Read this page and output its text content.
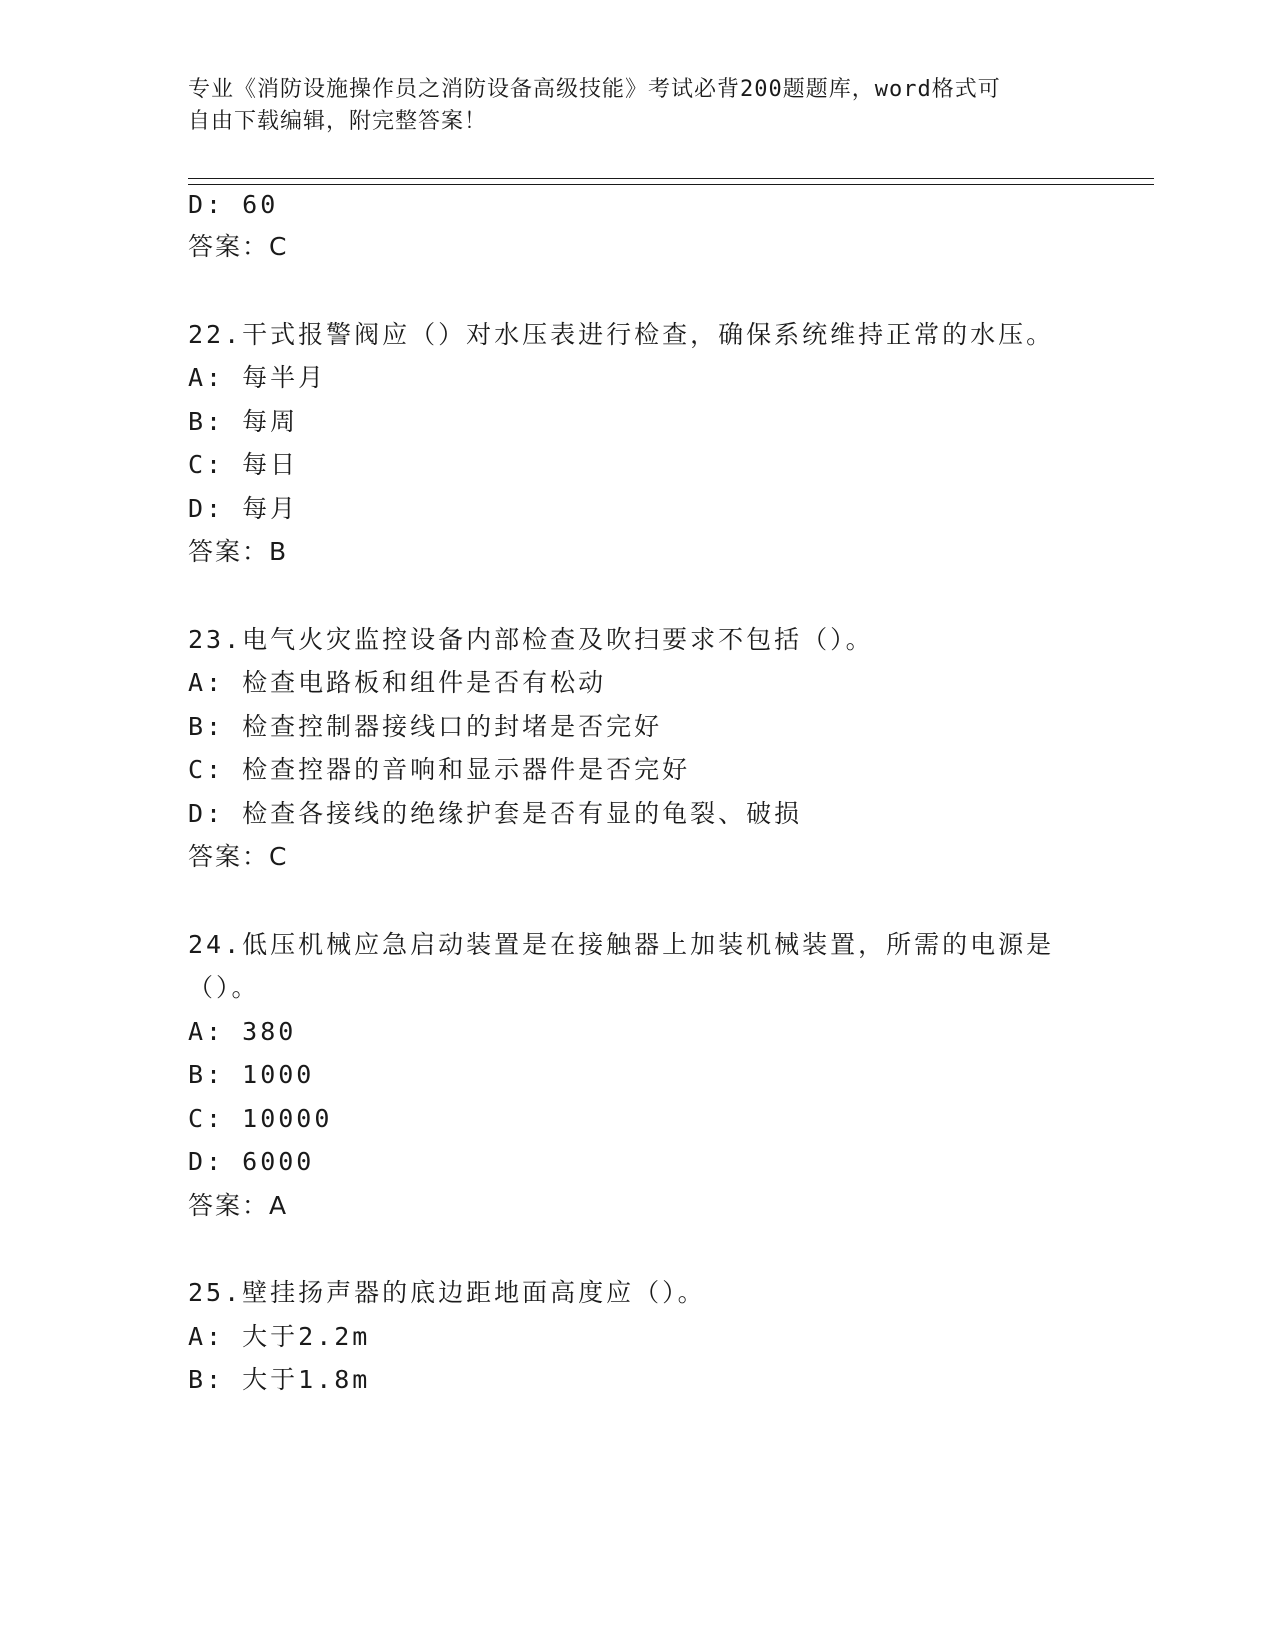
专业《消防设施操作员之消防设备高级技能》考试必背200题题库，word格式可
自由下载编辑，附完整答案！
D: 60
答案：C
22.干式报警阀应（）对水压表进行检查，确保系统维持正常的水压。
A: 每半月
B: 每周
C: 每日
D: 每月
答案：B
23.电气火灾监控设备内部检查及吹扫要求不包括（）。
A: 检查电路板和组件是否有松动
B: 检查控制器接线口的封堵是否完好
C: 检查控器的音响和显示器件是否完好
D: 检查各接线的绝缘护套是否有显的龟裂、破损
答案：C
24.低压机械应急启动装置是在接触器上加装机械装置，所需的电源是
（）。
A: 380
B: 1000
C: 10000
D: 6000
答案：A
25.壁挂扬声器的底边距地面高度应（）。
A: 大于2.2m
B: 大于1.8m
